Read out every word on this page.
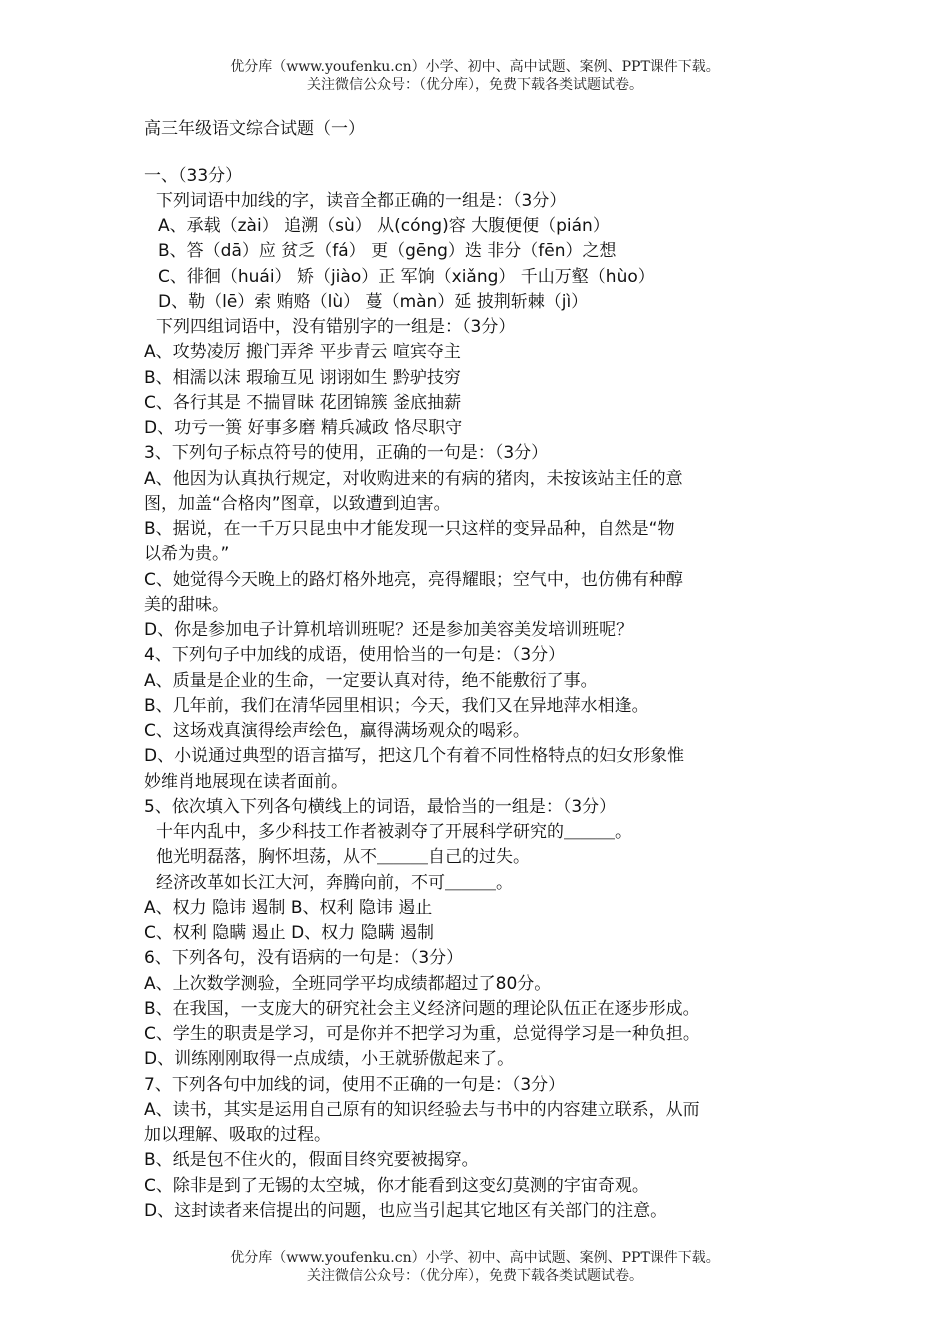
优分库（www.youfenku.cn）小学、初中、高中试题、案例、PPT课件下载。
关注微信公众号：（优分库），免费下载各类试题试卷。
高三年级语文综合试题（一）
一、（33分）
下列词语中加线的字，读音全都正确的一组是：（3分）
A、承载（zài） 追溯（sù） 从(cóng)容 大腹便便（pián）
B、答（dā）应 贫乏（fá） 更（gēng）迭 非分（fēn）之想
C、徘徊（huái） 矫（jiào）正 军饷（xiǎng） 千山万壑（hùo）
D、勒（lē）索 贿赂（lù） 蔓（màn）延 披荆斩棘（jì）
下列四组词语中，没有错别字的一组是：（3分）
A、攻势凌厉 搬门弄斧 平步青云 喧宾夺主
B、相濡以沫 瑕瑜互见 诩诩如生 黔驴技穷
C、各行其是 不揣冒昧 花团锦簇 釜底抽薪
D、功亏一篑 好事多磨 精兵减政 恪尽职守
3、下列句子标点符号的使用，正确的一句是：（3分）
A、他因为认真执行规定，对收购进来的有病的猪肉，未按该站主任的意
图，加盖“合格肉”图章，以致遭到迫害。
B、据说，在一千万只昆虫中才能发现一只这样的变异品种，自然是“物
以希为贵。”
C、她觉得今天晚上的路灯格外地亮，亮得耀眼；空气中，也仿佛有种醇
美的甜味。
D、你是参加电子计算机培训班呢？还是参加美容美发培训班呢？
4、下列句子中加线的成语，使用恰当的一句是：（3分）
A、质量是企业的生命，一定要认真对待，绝不能敷衍了事。
B、几年前，我们在清华园里相识；今天，我们又在异地萍水相逢。
C、这场戏真演得绘声绘色，赢得满场观众的喝彩。
D、小说通过典型的语言描写，把这几个有着不同性格特点的妇女形象惟
妙维肖地展现在读者面前。
5、依次填入下列各句横线上的词语，最恰当的一组是：（3分）
十年内乱中，多少科技工作者被剥夺了开展科学研究的＿＿＿。
他光明磊落，胸怀坦荡，从不＿＿＿自己的过失。
经济改革如长江大河，奔腾向前，不可＿＿＿。
A、权力 隐讳 遏制 B、权利 隐讳 遏止
C、权利 隐瞒 遏止 D、权力 隐瞒 遏制
6、下列各句，没有语病的一句是：（3分）
A、上次数学测验，全班同学平均成绩都超过了80分。
B、在我国，一支庞大的研究社会主义经济问题的理论队伍正在逐步形成。
C、学生的职责是学习，可是你并不把学习为重，总觉得学习是一种负担。
D、训练刚刚取得一点成绩，小王就骄傲起来了。
7、下列各句中加线的词，使用不正确的一句是：（3分）
A、读书，其实是运用自己原有的知识经验去与书中的内容建立联系，从而
加以理解、吸取的过程。
B、纸是包不住火的，假面目终究要被揭穿。
C、除非是到了无锡的太空城，你才能看到这变幻莫测的宇宙奇观。
D、这封读者来信提出的问题，也应当引起其它地区有关部门的注意。
优分库（www.youfenku.cn）小学、初中、高中试题、案例、PPT课件下载。
关注微信公众号：（优分库），免费下载各类试题试卷。
